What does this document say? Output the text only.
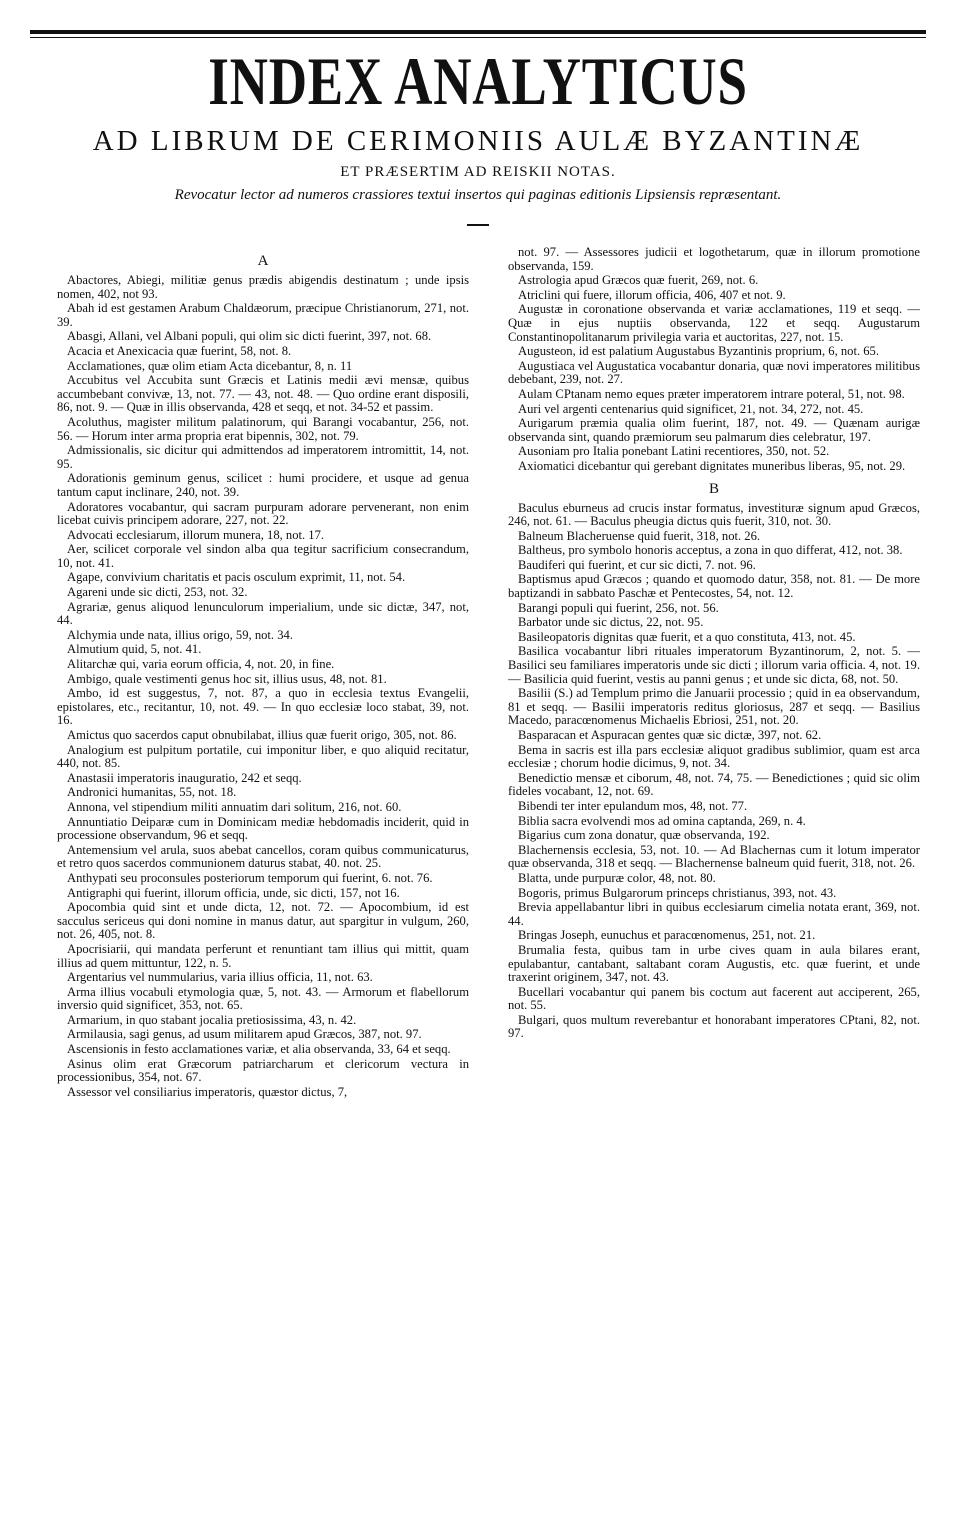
INDEX ANALYTICUS
AD LIBRUM DE CERIMONIIS AULÆ BYZANTINÆ
ET PRÆSERTIM AD REISKII NOTAS.
Revocatur lector ad numeros crassiores textui insertos qui paginas editionis Lipsiensis repræsentant.
A

Abactores, Abiegi, militiæ genus prædis abigendis destinatum ; unde ipsis nomen, 402, not 93.

Abah id est gestamen Arabum Chaldæorum, præcipue Christianorum, 271, not. 39.

Abasgi, Allani, vel Albani populi, qui olim sic dicti fuerint, 397, not. 68.

Acacia et Anexicacia quæ fuerint, 58, not. 8.

Acclamationes, quæ olim etiam Acta dicebantur, 8, n. 11

Accubitus vel Accubita sunt Græcis et Latinis medii ævi mensæ, quibus accumbebant convivæ, 13, not. 77. — 43, not. 48. — Quo ordine erant disposili, 86, not. 9. — Quæ in illis observanda, 428 et seqq, et not. 34-52 et passim.

Acoluthus, magister militum palatinorum, qui Barangi vocabantur, 256, not. 56. — Horum inter arma propria erat bipennis, 302, not. 79.

Admissionalis, sic dicitur qui admittendos ad imperatorem intromittit, 14, not. 95.

Adorationis geminum genus, scilicet : humi procidere, et usque ad genua tantum caput inclinare, 240, not. 39.

Adoratores vocabantur, qui sacram purpuram adorare pervenerant, non enim licebat cuivis principem adorare, 227, not. 22.

Advocati ecclesiarum, illorum munera, 18, not. 17.

Aer, scilicet corporale vel sindon alba qua tegitur sacrificium consecrandum, 10, not. 41.

Agape, convivium charitatis et pacis osculum exprimit, 11, not. 54.

Agareni unde sic dicti, 253, not. 32.

Agrariæ, genus aliquod lenunculorum imperialium, unde sic dictæ, 347, not, 44.

Alchymia unde nata, illius origo, 59, not. 34.

Almutium quid, 5, not. 41.

Alitarchæ qui, varia eorum officia, 4, not. 20, in fine.

Ambigo, quale vestimenti genus hoc sit, illius usus, 48, not. 81.

Ambo, id est suggestus, 7, not. 87, a quo in ecclesia textus Evangelii, epistolares, etc., recitantur, 10, not. 49. — In quo ecclesiæ loco stabat, 39, not. 16.

Amictus quo sacerdos caput obnubilabat, illius quæ fuerit origo, 305, not. 86.

Analogium est pulpitum portatile, cui imponitur liber, e quo aliquid recitatur, 440, not. 85.

Anastasii imperatoris inauguratio, 242 et seqq.

Andronici humanitas, 55, not. 18.

Annona, vel stipendium militi annuatim dari solitum, 216, not. 60.

Annuntiatio Deiparæ cum in Dominicam mediæ hebdomadis inciderit, quid in processione observandum, 96 et seqq.

Antemensium vel arula, suos abebat cancellos, coram quibus communicaturus, et retro quos sacerdos communionem daturus stabat, 40. not. 25.

Anthypati seu proconsules posteriorum temporum qui fuerint, 6. not. 76.

Antigraphi qui fuerint, illorum officia, unde, sic dicti, 157, not 16.

Apocombia quid sint et unde dicta, 12, not. 72. — Apocombium, id est sacculus sericeus qui doni nomine in manus datur, aut spargitur in vulgum, 260, not. 26, 405, not. 8.

Apocrisiarii, qui mandata perferunt et renuntiant tam illius qui mittit, quam illius ad quem mittuntur, 122, n. 5.

Argentarius vel nummularius, varia illius officia, 11, not. 63.

Arma illius vocabuli etymologia quæ, 5, not. 43. — Armorum et flabellorum inversio quid significet, 353, not. 65.

Armarium, in quo stabant jocalia pretiosissima, 43, n. 42.

Armilausia, sagi genus, ad usum militarem apud Græcos, 387, not. 97.

Ascensionis in festo acclamationes variæ, et alia observanda, 33, 64 et seqq.

Asinus olim erat Græcorum patriarcharum et clericorum vectura in processionibus, 354, not. 67.

Assessor vel consiliarius imperatoris, quæstor dictus, 7,

not. 97. — Assessores judicii et logothetarum, quæ in illorum promotione observanda, 159.

Astrologia apud Græcos quæ fuerit, 269, not. 6.

Atriclini qui fuere, illorum officia, 406, 407 et not. 9.

Augustæ in coronatione observanda et variæ acclamationes, 119 et seqq. — Quæ in ejus nuptiis observanda, 122 et seqq. Augustarum Constantinopolitanarum privilegia varia et auctoritas, 227, not. 15.

Augusteon, id est palatium Augustabus Byzantinis proprium, 6, not. 65.

Augustiaca vel Augustatica vocabantur donaria, quæ novi imperatores militibus debebant, 239, not. 27.

Aulam CPtanam nemo eques præter imperatorem intrare poteral, 51, not. 98.

Auri vel argenti centenarius quid significet, 21, not. 34, 272, not. 45.

Aurigarum præmia qualia olim fuerint, 187, not. 49. — Quænam aurigæ observanda sint, quando præmiorum seu palmarum dies celebratur, 197.

Ausoniam pro Italia ponebant Latini recentiores, 350, not. 52.

Axiomatici dicebantur qui gerebant dignitates muneribus liberas, 95, not. 29.

B

Baculus eburneus ad crucis instar formatus, investituræ signum apud Græcos, 246, not. 61. — Baculus pheugia dictus quis fuerit, 310, not. 30.

Balneum Blacheruense quid fuerit, 318, not. 26.

Baltheus, pro symbolo honoris acceptus, a zona in quo differat, 412, not. 38.

Baudiferi qui fuerint, et cur sic dicti, 7. not. 96.

Baptismus apud Græcos ; quando et quomodo datur, 358, not. 81. — De more baptizandi in sabbato Paschæ et Pentecostes, 54, not. 12.

Barangi populi qui fuerint, 256, not. 56.

Barbator unde sic dictus, 22, not. 95.

Basileopatoris dignitas quæ fuerit, et a quo constituta, 413, not. 45.

Basilica vocabantur libri rituales imperatorum Byzantinorum, 2, not. 5. — Basilici seu familiares imperatoris unde sic dicti ; illorum varia officia. 4, not. 19. — Basilicia quid fuerint, vestis au panni genus ; et unde sic dicta, 68, not. 50.

Basilii (S.) ad Templum primo die Januarii processio ; quid in ea observandum, 81 et seqq. — Basilii imperatoris reditus gloriosus, 287 et seqq. — Basilius Macedo, paracœnomenus Michaelis Ebriosi, 251, not. 20.

Basparacan et Aspuracan gentes quæ sic dictæ, 397, not. 62.

Bema in sacris est illa pars ecclesiæ aliquot gradibus sublimior, quam est arca ecclesiæ ; chorum hodie dicimus, 9, not. 34.

Benedictio mensæ et ciborum, 48, not. 74, 75. — Benedictiones ; quid sic olim fideles vocabant, 12, not. 69.

Bibendi ter inter epulandum mos, 48, not. 77.

Biblia sacra evolvendi mos ad omina captanda, 269, n. 4.

Bigarius cum zona donatur, quæ observanda, 192.

Blachernensis ecclesia, 53, not. 10. — Ad Blachernas cum it lotum imperator quæ observanda, 318 et seqq. — Blachernense balneum quid fuerit, 318, not. 26.

Blatta, unde purpuræ color, 48, not. 80.

Bogoris, primus Bulgarorum princeps christianus, 393, not. 43.

Brevia appellabantur libri in quibus ecclesiarum cimelia notata erant, 369, not. 44.

Bringas Joseph, eunuchus et paracœnomenus, 251, not. 21.

Brumalia festa, quibus tam in urbe cives quam in aula bilares erant, epulabantur, cantabant, saltabant coram Augustis, etc. quæ fuerint, et unde traxerint originem, 347, not. 43.

Bucellari vocabantur qui panem bis coctum aut facerent aut acciperent, 265, not. 55.

Bulgari, quos multum reverebantur et honorabant imperatores CPtani, 82, not. 97.
